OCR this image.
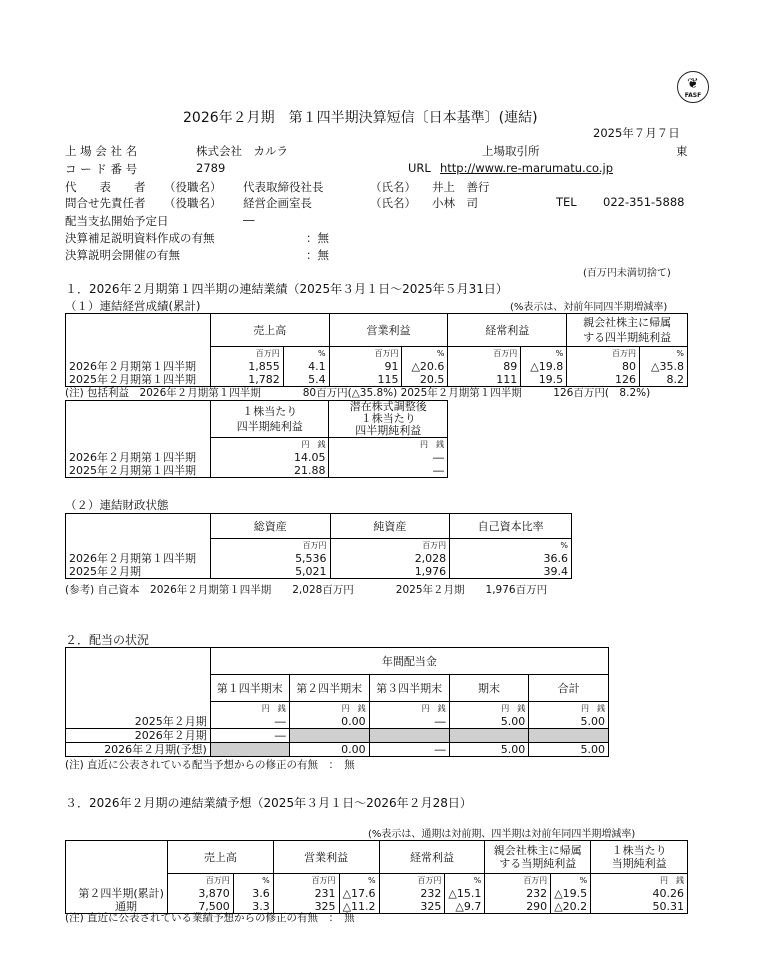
❦
FASF
2026年２月期　第１四半期決算短信〔日本基準〕(連結)
2025年７月７日
上 場 会 社 名	株式会社　カルラ	上場取引所	東
コ ー ド 番 号	2789	URL http://www.re-marumatu.co.jp
代　　表　　者 （役職名） 代表取締役社長	（氏名） 井上　善行
問合せ先責任者 （役職名） 経営企画室長	（氏名） 小林　司	TEL 022-351-5888
配当支払開始予定日	―
決算補足説明資料作成の有無	：無
決算説明会開催の有無	：無
(百万円未満切捨て)
１．2026年２月期第１四半期の連結業績（2025年３月１日～2025年５月31日）
（１）連結経営成績(累計)	(%表示は、対前年同四半期増減率)
	売上高		営業利益		経常利益		親会社株主に帰属
する四半期純利益	
	百万円	%	百万円	%	百万円	%	百万円	%
2026年２月期第１四半期	1,855	4.1	91	△20.6	89	△19.8	80	△35.8
2025年２月期第１四半期	1,782	5.4	115	20.5	111	19.5	126	8.2
(注) 包括利益　2026年２月期第１四半期　　　　80百万円(△35.8%) 2025年２月期第１四半期　　　126百万円(　8.2%)
	１株当たり
四半期純利益	潜在株式調整後
１株当たり
四半期純利益
	円　銭	円　銭
2026年２月期第１四半期	14.05	―
2025年２月期第１四半期	21.88	―
（２）連結財政状態
	総資産	純資産	自己資本比率
	百万円	百万円	%
2026年２月期第１四半期	5,536	2,028	36.6
2025年２月期	5,021	1,976	39.4
(参考) 自己資本　2026年２月期第１四半期　　2,028百万円　　　　2025年２月期　　1,976百万円
２．配当の状況
	年間配当金				
	第１四半期末	第２四半期末	第３四半期末	期末	合計
	円　銭	円　銭	円　銭	円　銭	円　銭
2025年２月期	―	0.00	―	5.00	5.00
2026年２月期	―				
2026年２月期(予想)		0.00	―	5.00	5.00
(注) 直近に公表されている配当予想からの修正の有無　：　無
３．2026年２月期の連結業績予想（2025年３月１日～2026年２月28日）
(%表示は、通期は対前期、四半期は対前年同四半期増減率)
	売上高		営業利益		経常利益		親会社株主に帰属
する当期純利益		１株当たり
当期純利益
	百万円	%	百万円	%	百万円	%	百万円	%	円　銭
第２四半期(累計)	3,870	3.6	231	△17.6	232	△15.1	232	△19.5	40.26
通期	7,500	3.3	325	△11.2	325	△9.7	290	△20.2	50.31
(注) 直近に公表されている業績予想からの修正の有無　：　無
